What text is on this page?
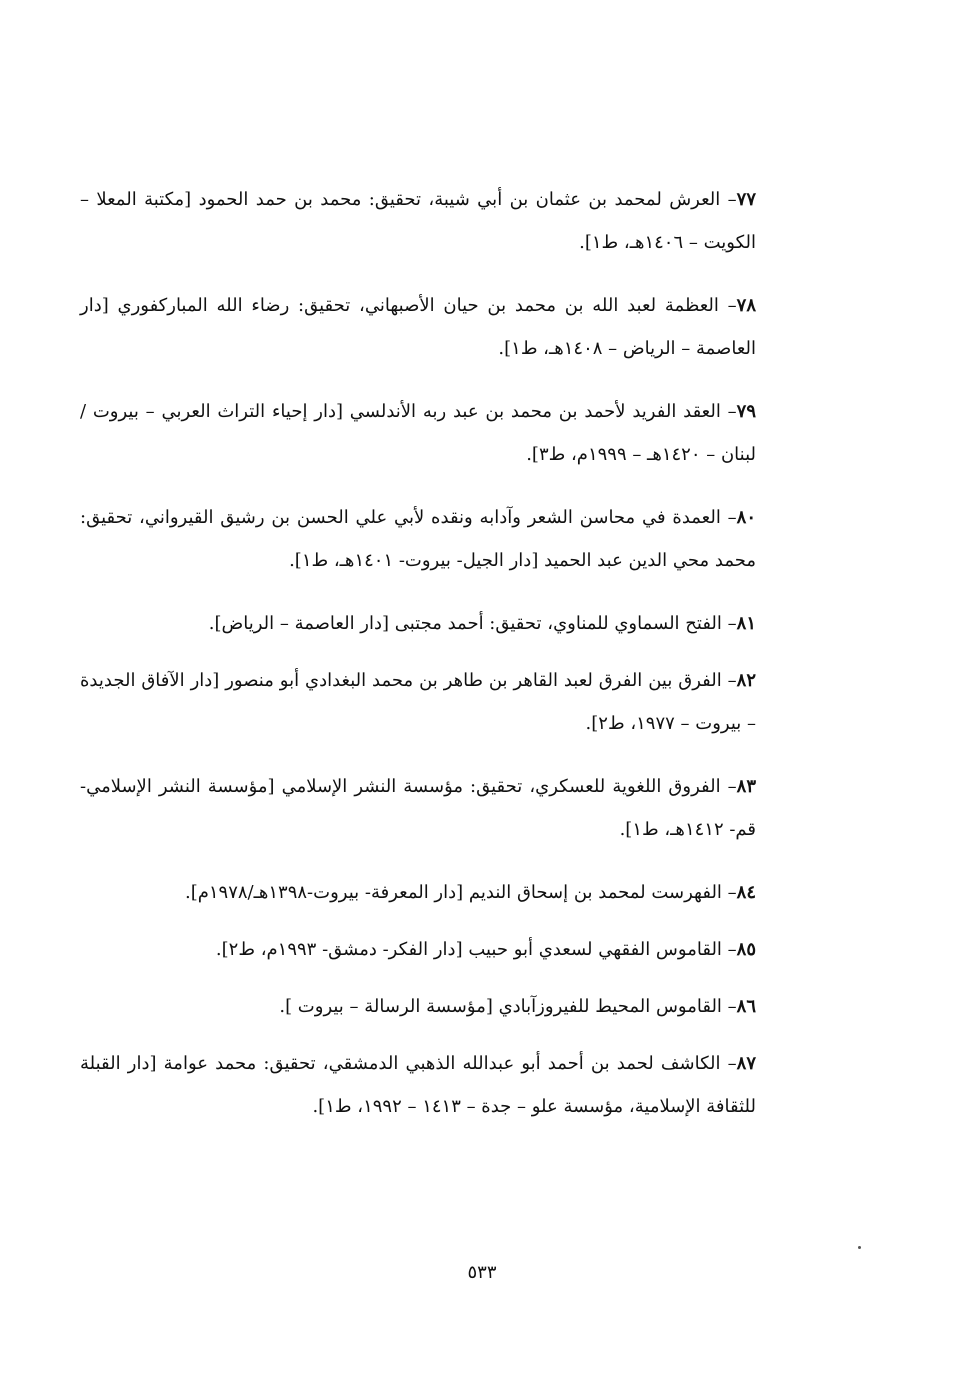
٧٧– العرش لمحمد بن عثمان بن أبي شيبة، تحقيق: محمد بن حمد الحمود [مكتبة المعلا – الكويت – ١٤٠٦هـ، ط١].

٧٨– العظمة لعبد الله بن محمد بن حيان الأصبهاني، تحقيق: رضاء الله المباركفوري [دار العاصمة – الرياض – ١٤٠٨هـ، ط١].

٧٩– العقد الفريد لأحمد بن محمد بن عبد ربه الأندلسي [دار إحياء التراث العربي – بيروت /لبنان – ١٤٢٠هـ – ١٩٩٩م، ط٣].

٨٠– العمدة في محاسن الشعر وآدابه ونقده لأبي علي الحسن بن رشيق القيرواني، تحقيق: محمد محي الدين عبد الحميد [دار الجيل- بيروت- ١٤٠١هـ، ط١].

٨١– الفتح السماوي للمناوي، تحقيق: أحمد مجتبى [دار العاصمة – الرياض].

٨٢– الفرق بين الفرق لعبد القاهر بن طاهر بن محمد البغدادي أبو منصور [دار الآفاق الجديدة – بيروت – ١٩٧٧، ط٢].

٨٣– الفروق اللغوية للعسكري، تحقيق: مؤسسة النشر الإسلامي [مؤسسة النشر الإسلامي- قم- ١٤١٢هـ، ط١].

٨٤– الفهرست لمحمد بن إسحاق النديم [دار المعرفة- بيروت-١٣٩٨هـ/١٩٧٨م].

٨٥– القاموس الفقهي لسعدي أبو حبيب [دار الفكر- دمشق- ١٩٩٣م، ط٢].

٨٦– القاموس المحيط للفيروزآبادي [مؤسسة الرسالة – بيروت ].

٨٧– الكاشف لحمد بن أحمد أبو عبدالله الذهبي الدمشقي، تحقيق: محمد عوامة [دار القبلة للثقافة الإسلامية، مؤسسة علو – جدة – ١٤١٣ – ١٩٩٢، ط١].

٥٣٣
